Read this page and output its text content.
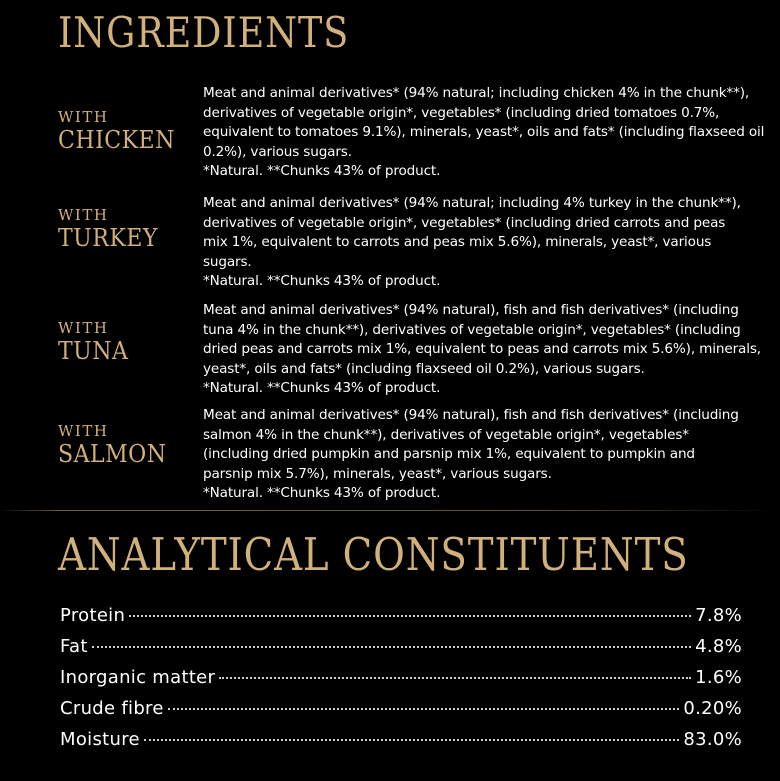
INGREDIENTS
WITH
CHICKEN
Meat and animal derivatives* (94% natural; including chicken 4% in the chunk**),
derivatives of vegetable origin*, vegetables* (including dried tomatoes 0.7%,
equivalent to tomatoes 9.1%), minerals, yeast*, oils and fats* (including flaxseed oil
0.2%), various sugars.
*Natural. **Chunks 43% of product.
WITH
TURKEY
Meat and animal derivatives* (94% natural; including 4% turkey in the chunk**),
derivatives of vegetable origin*, vegetables* (including dried carrots and peas
mix 1%, equivalent to carrots and peas mix 5.6%), minerals, yeast*, various
sugars.
*Natural. **Chunks 43% of product.
WITH
TUNA
Meat and animal derivatives* (94% natural), fish and fish derivatives* (including
tuna 4% in the chunk**), derivatives of vegetable origin*, vegetables* (including
dried peas and carrots mix 1%, equivalent to peas and carrots mix 5.6%), minerals,
yeast*, oils and fats* (including flaxseed oil 0.2%), various sugars.
*Natural. **Chunks 43% of product.
WITH
SALMON
Meat and animal derivatives* (94% natural), fish and fish derivatives* (including
salmon 4% in the chunk**), derivatives of vegetable origin*, vegetables*
(including dried pumpkin and parsnip mix 1%, equivalent to pumpkin and
parsnip mix 5.7%), minerals, yeast*, various sugars.
*Natural. **Chunks 43% of product.
ANALYTICAL CONSTITUENTS
Protein	7.8%
Fat	4.8%
Inorganic matter	1.6%
Crude fibre	0.20%
Moisture	83.0%
